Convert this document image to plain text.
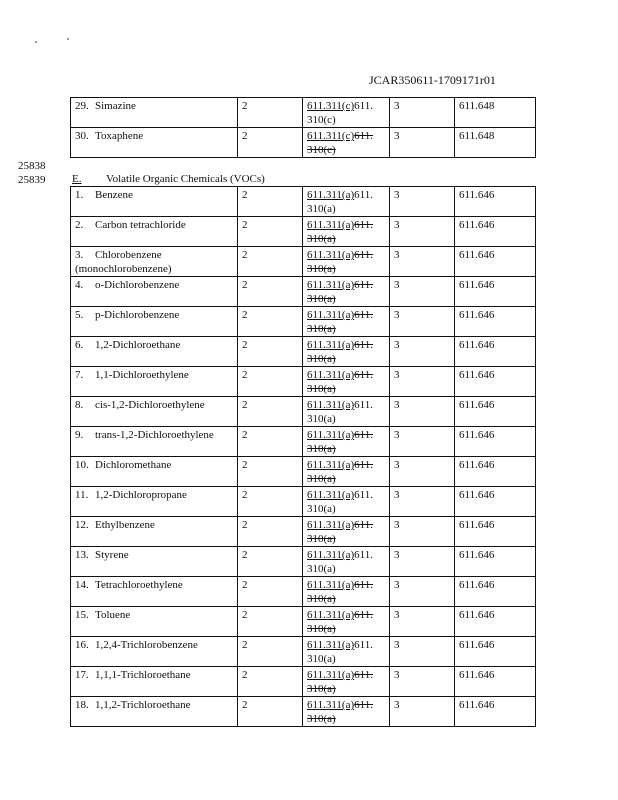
JCAR350611-1709171r01
29. Simazine	2	611.311(c)611. 310(c)	3	611.648
30. Toxaphene	2	611.311(c)611. 310(c)	3	611.648
25838
25839 E. Volatile Organic Chemicals (VOCs)
1. Benzene	2	611.311(a)611. 310(a)	3	611.646
2. Carbon tetrachloride	2	611.311(a)611. 310(a)	3	611.646
3. Chlorobenzene (monochlorobenzene)	2	611.311(a)611. 310(a)	3	611.646
4. o-Dichlorobenzene	2	611.311(a)611. 310(a)	3	611.646
5. p-Dichlorobenzene	2	611.311(a)611. 310(a)	3	611.646
6. 1,2-Dichloroethane	2	611.311(a)611. 310(a)	3	611.646
7. 1,1-Dichloroethylene	2	611.311(a)611. 310(a)	3	611.646
8. cis-1,2-Dichloroethylene	2	611.311(a)611. 310(a)	3	611.646
9. trans-1,2-Dichloroethylene	2	611.311(a)611. 310(a)	3	611.646
10. Dichloromethane	2	611.311(a)611. 310(a)	3	611.646
11. 1,2-Dichloropropane	2	611.311(a)611. 310(a)	3	611.646
12. Ethylbenzene	2	611.311(a)611. 310(a)	3	611.646
13. Styrene	2	611.311(a)611. 310(a)	3	611.646
14. Tetrachloroethylene	2	611.311(a)611. 310(a)	3	611.646
15. Toluene	2	611.311(a)611. 310(a)	3	611.646
16. 1,2,4-Trichlorobenzene	2	611.311(a)611. 310(a)	3	611.646
17. 1,1,1-Trichloroethane	2	611.311(a)611. 310(a)	3	611.646
18. 1,1,2-Trichloroethane	2	611.311(a)611. 310(a)	3	611.646
